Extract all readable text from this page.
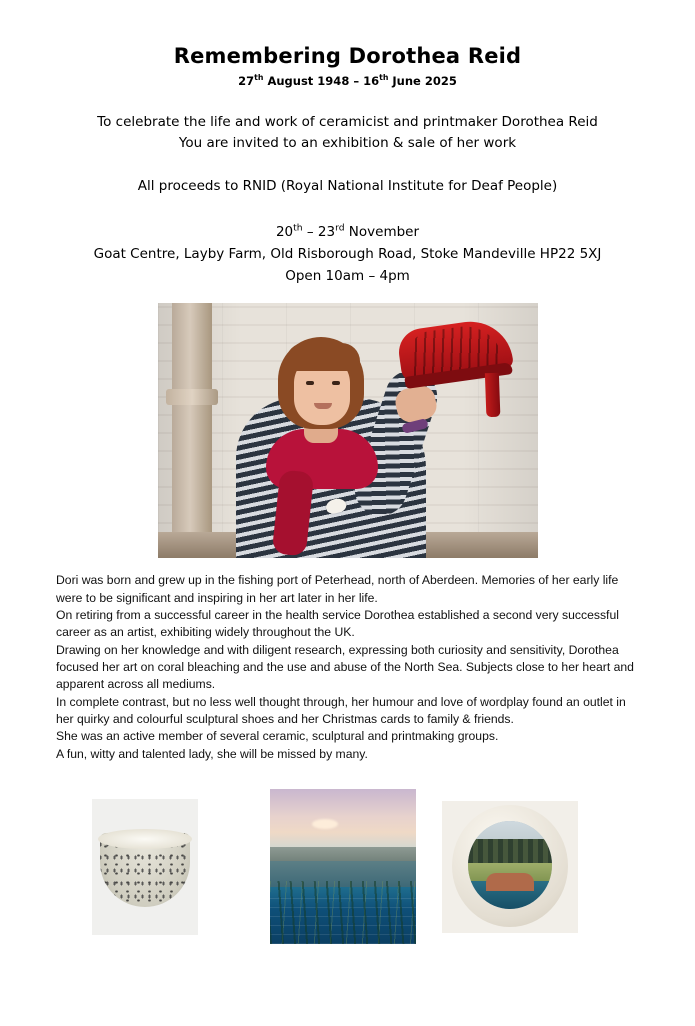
Remembering Dorothea Reid
27th August 1948 – 16th June 2025
To celebrate the life and work of ceramicist and printmaker Dorothea Reid
You are invited to an exhibition & sale of her work
All proceeds to RNID (Royal National Institute for Deaf People)
20th – 23rd November
Goat Centre, Layby Farm, Old Risborough Road, Stoke Mandeville HP22 5XJ
Open 10am – 4pm

Dori was born and grew up in the fishing port of Peterhead, north of Aberdeen. Memories of her early life were to be significant and inspiring in her art later in her life.

On retiring from a successful career in the health service Dorothea established a second very successful career as an artist, exhibiting widely throughout the UK.

Drawing on her knowledge and with diligent research, expressing both curiosity and sensitivity, Dorothea focused her art on coral bleaching and the use and abuse of the North Sea. Subjects close to her heart and apparent across all mediums.

In complete contrast, but no less well thought through, her humour and love of wordplay found an outlet in her quirky and colourful sculptural shoes and her Christmas cards to family & friends.

She was an active member of several ceramic, sculptural and printmaking groups.

A fun, witty and talented lady, she will be missed by many.
